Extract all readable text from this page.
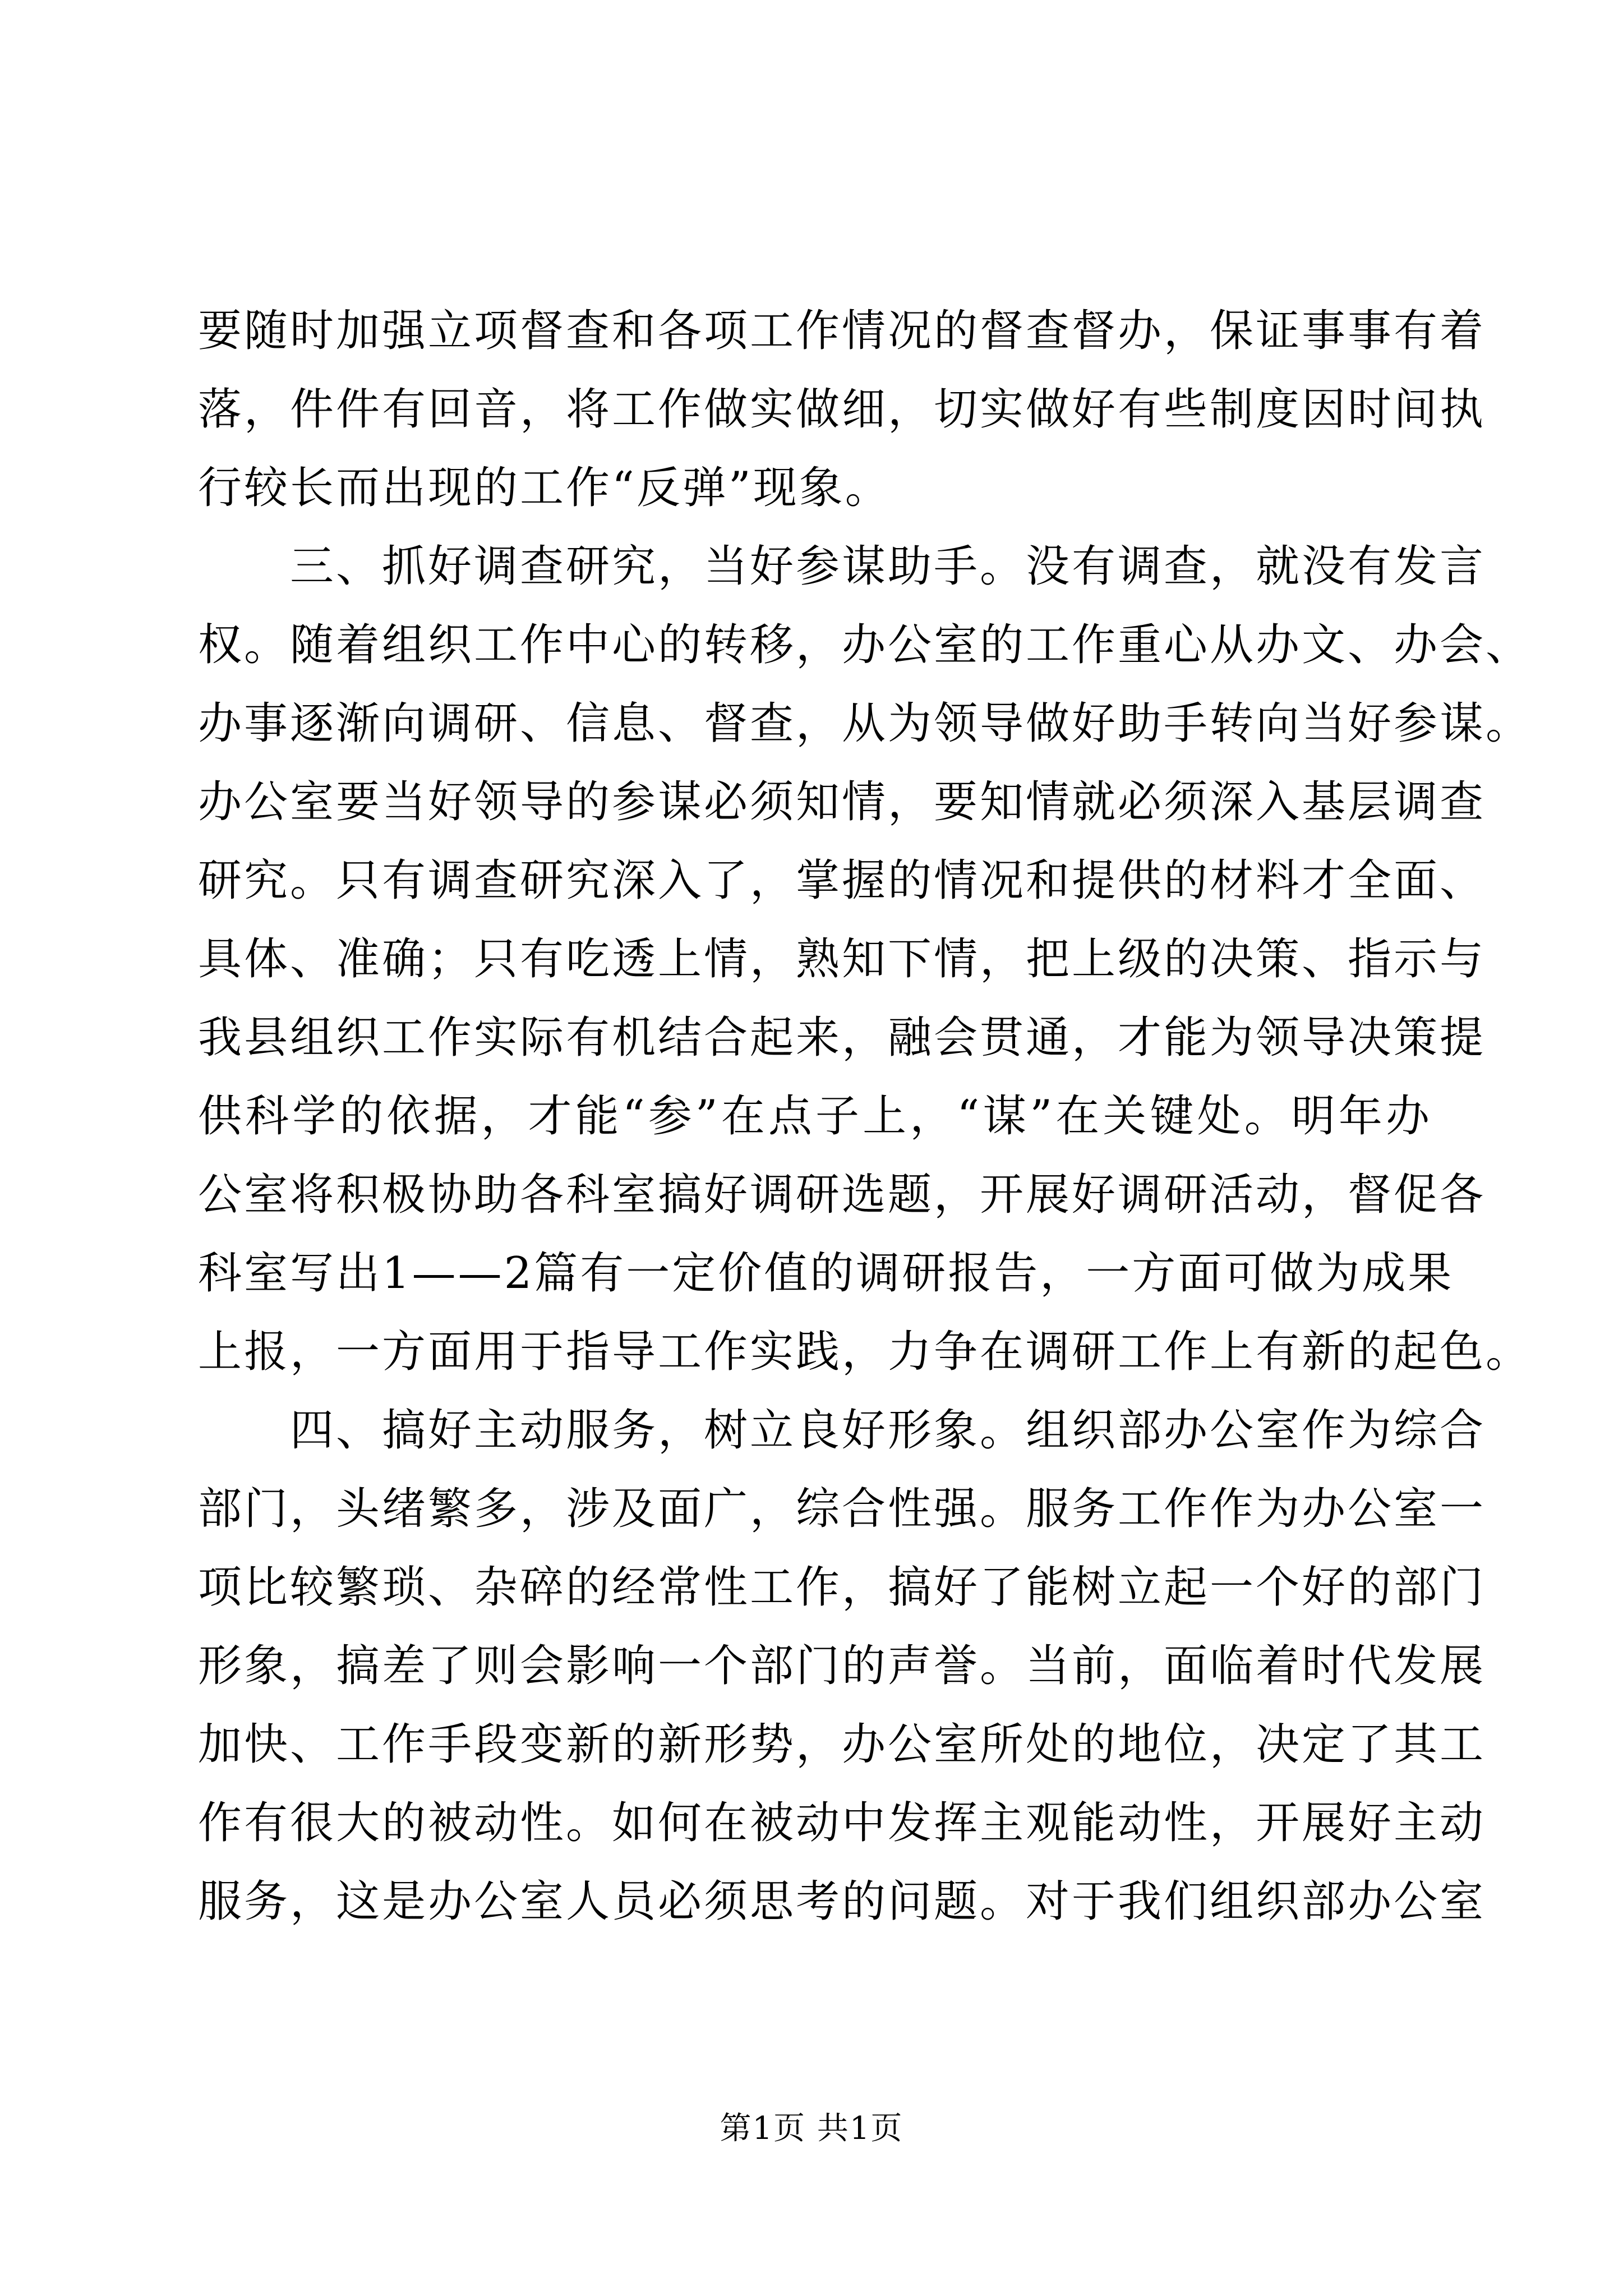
要随时加强立项督查和各项工作情况的督查督办，保证事事有着
落，件件有回音，将工作做实做细，切实做好有些制度因时间执
行较长而出现的工作“反弹”现象。
三、抓好调查研究，当好参谋助手。没有调查，就没有发言
权。随着组织工作中心的转移，办公室的工作重心从办文、办会、
办事逐渐向调研、信息、督查，从为领导做好助手转向当好参谋。
办公室要当好领导的参谋必须知情，要知情就必须深入基层调查
研究。只有调查研究深入了，掌握的情况和提供的材料才全面、
具体、准确；只有吃透上情，熟知下情，把上级的决策、指示与
我县组织工作实际有机结合起来，融会贯通，才能为领导决策提
供科学的依据，才能“参”在点子上，“谋”在关键处。明年办
公室将积极协助各科室搞好调研选题，开展好调研活动，督促各
科室写出1——2篇有一定价值的调研报告，一方面可做为成果
上报，一方面用于指导工作实践，力争在调研工作上有新的起色。
四、搞好主动服务，树立良好形象。组织部办公室作为综合
部门，头绪繁多，涉及面广，综合性强。服务工作作为办公室一
项比较繁琐、杂碎的经常性工作，搞好了能树立起一个好的部门
形象，搞差了则会影响一个部门的声誉。当前，面临着时代发展
加快、工作手段变新的新形势，办公室所处的地位，决定了其工
作有很大的被动性。如何在被动中发挥主观能动性，开展好主动
服务，这是办公室人员必须思考的问题。对于我们组织部办公室
第1页 共1页
